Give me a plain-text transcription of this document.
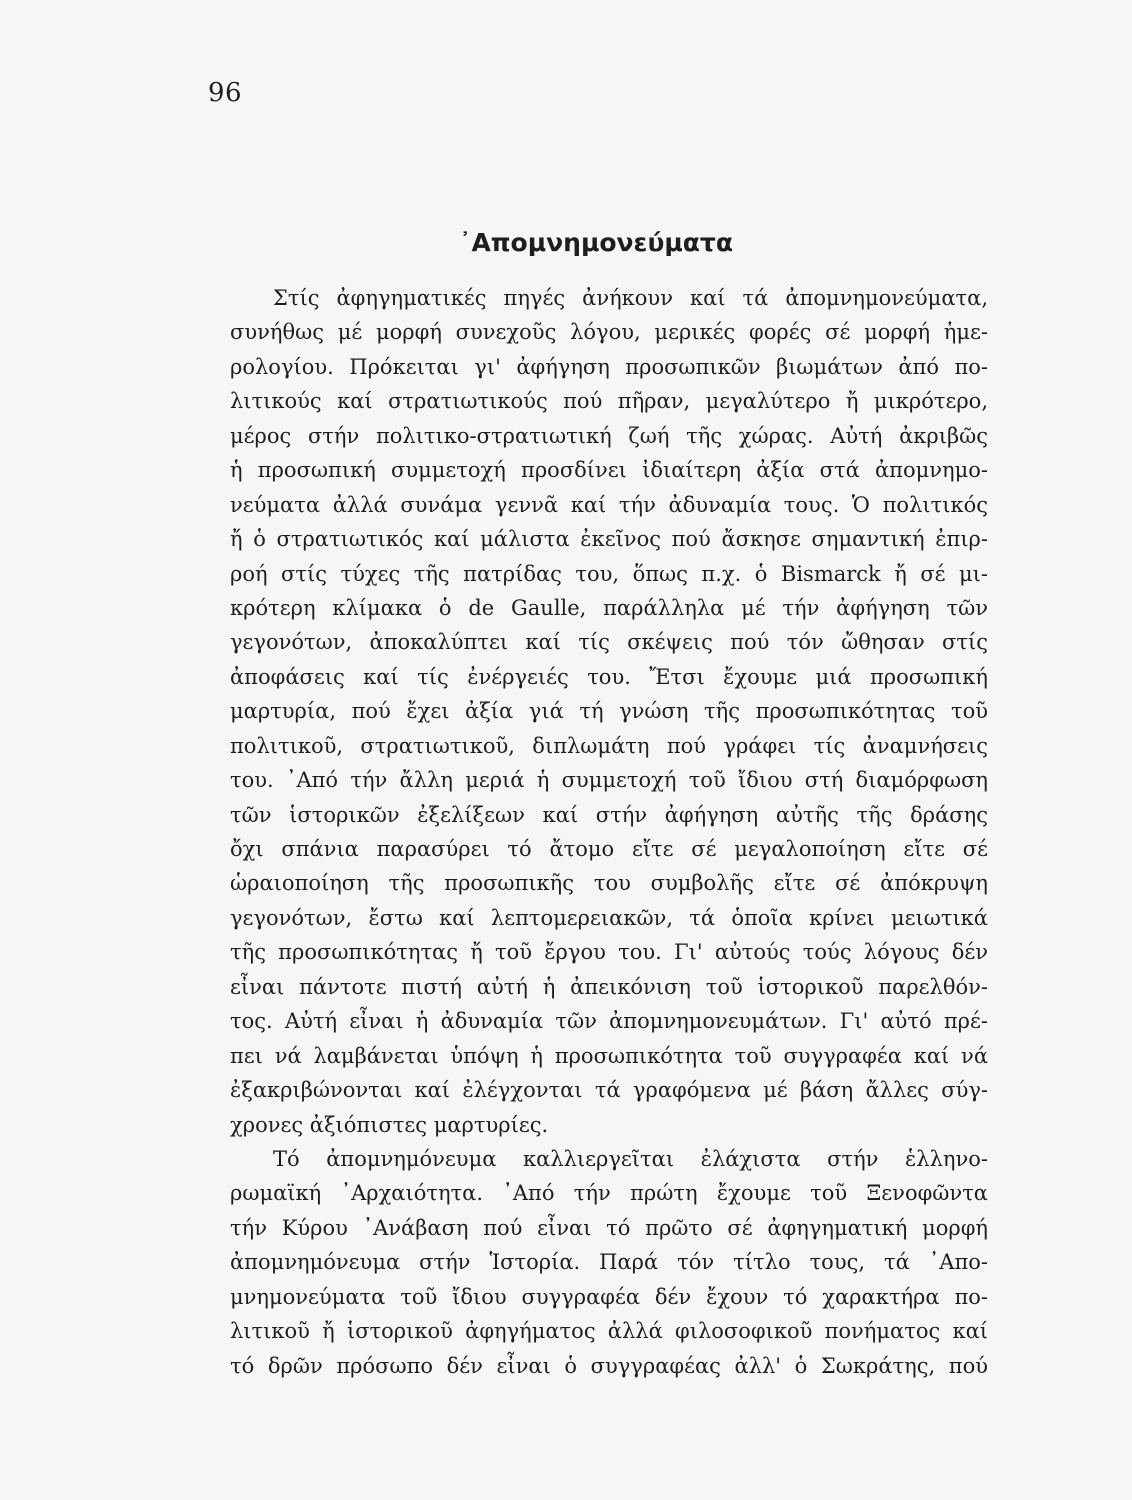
96
᾿Απομνημονεύματα
Στίς ἀφηγηματικές πηγές ἀνήκουν καί τά ἀπομνημονεύματα,
συνήθως μέ μορφή συνεχοῦς λόγου, μερικές φορές σέ μορφή ἡμε-
ρολογίου. Πρόκειται γι' ἀφήγηση προσωπικῶν βιωμάτων ἀπό πο-
λιτικούς καί στρατιωτικούς πού πῆραν, μεγαλύτερο ἤ μικρότερο,
μέρος στήν πολιτικο-στρατιωτική ζωή τῆς χώρας. Αὐτή ἀκριβῶς
ἡ προσωπική συμμετοχή προσδίνει ἰδιαίτερη ἀξία στά ἀπομνημο-
νεύματα ἀλλά συνάμα γεννᾶ καί τήν ἀδυναμία τους. Ὁ πολιτικός
ἤ ὁ στρατιωτικός καί μάλιστα ἐκεῖνος πού ἄσκησε σημαντική ἐπιρ-
ροή στίς τύχες τῆς πατρίδας του, ὅπως π.χ. ὁ Bismarck ἤ σέ μι-
κρότερη κλίμακα ὁ de Gaulle, παράλληλα μέ τήν ἀφήγηση τῶν
γεγονότων, ἀποκαλύπτει καί τίς σκέψεις πού τόν ὤθησαν στίς
ἀποφάσεις καί τίς ἐνέργειές του. Ἔτσι ἔχουμε μιά προσωπική
μαρτυρία, πού ἔχει ἀξία γιά τή γνώση τῆς προσωπικότητας τοῦ
πολιτικοῦ, στρατιωτικοῦ, διπλωμάτη πού γράφει τίς ἀναμνήσεις
του. ᾿Από τήν ἄλλη μεριά ἡ συμμετοχή τοῦ ἴδιου στή διαμόρφωση
τῶν ἱστορικῶν ἐξελίξεων καί στήν ἀφήγηση αὐτῆς τῆς δράσης
ὄχι σπάνια παρασύρει τό ἄτομο εἴτε σέ μεγαλοποίηση εἴτε σέ
ὡραιοποίηση τῆς προσωπικῆς του συμβολῆς εἴτε σέ ἀπόκρυψη
γεγονότων, ἔστω καί λεπτομερειακῶν, τά ὁποῖα κρίνει μειωτικά
τῆς προσωπικότητας ἤ τοῦ ἔργου του. Γι' αὐτούς τούς λόγους δέν
εἶναι πάντοτε πιστή αὐτή ἡ ἀπεικόνιση τοῦ ἱστορικοῦ παρελθόν-
τος. Αὐτή εἶναι ἡ ἀδυναμία τῶν ἀπομνημονευμάτων. Γι' αὐτό πρέ-
πει νά λαμβάνεται ὑπόψη ἡ προσωπικότητα τοῦ συγγραφέα καί νά
ἐξακριβώνονται καί ἐλέγχονται τά γραφόμενα μέ βάση ἄλλες σύγ-
χρονες ἀξιόπιστες μαρτυρίες.
Τό ἀπομνημόνευμα καλλιεργεῖται ἐλάχιστα στήν ἑλληνο-
ρωμαϊκή ᾿Αρχαιότητα. ᾿Από τήν πρώτη ἔχουμε τοῦ Ξενοφῶντα
τήν Κύρου ᾿Ανάβαση πού εἶναι τό πρῶτο σέ ἀφηγηματική μορφή
ἀπομνημόνευμα στήν Ἱστορία. Παρά τόν τίτλο τους, τά ᾿Απο-
μνημονεύματα τοῦ ἴδιου συγγραφέα δέν ἔχουν τό χαρακτήρα πο-
λιτικοῦ ἤ ἱστορικοῦ ἀφηγήματος ἀλλά φιλοσοφικοῦ πονήματος καί
τό δρῶν πρόσωπο δέν εἶναι ὁ συγγραφέας ἀλλ' ὁ Σωκράτης, πού
